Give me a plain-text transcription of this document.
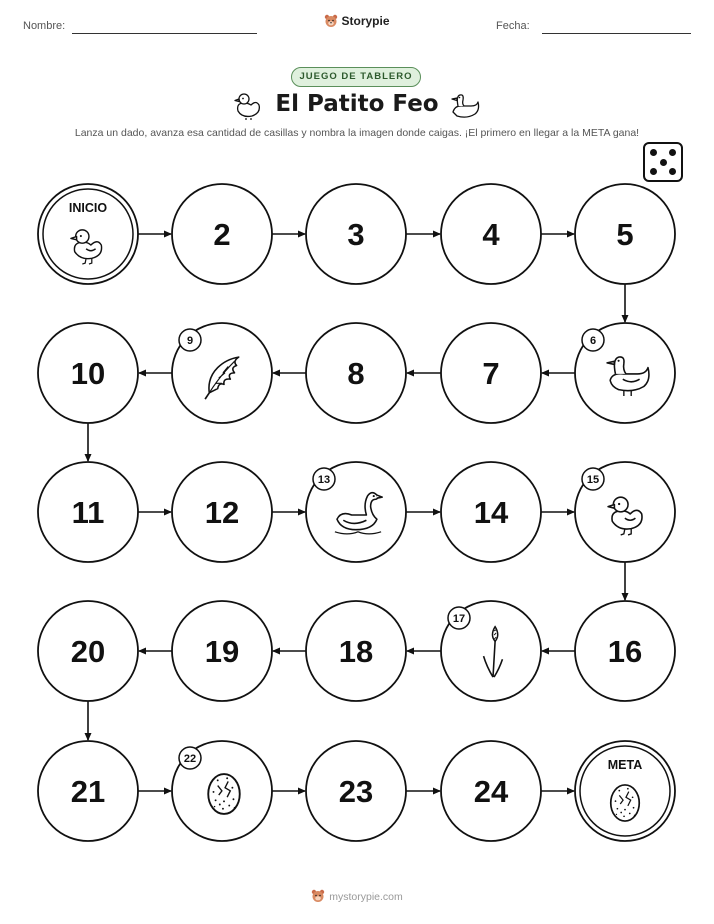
Nombre:	Storypie	Fecha:
JUEGO DE TABLERO
El Patito Feo
Lanza un dado, avanza esa cantidad de casillas y nombra la imagen donde caigas. ¡El primero en llegar a la META gana!
INICIO
2	3	4	5
10
9
8	7
6
11	12
13
14
15
20	19	18
17
16
21
22
23	24
META
mystorypie.com
